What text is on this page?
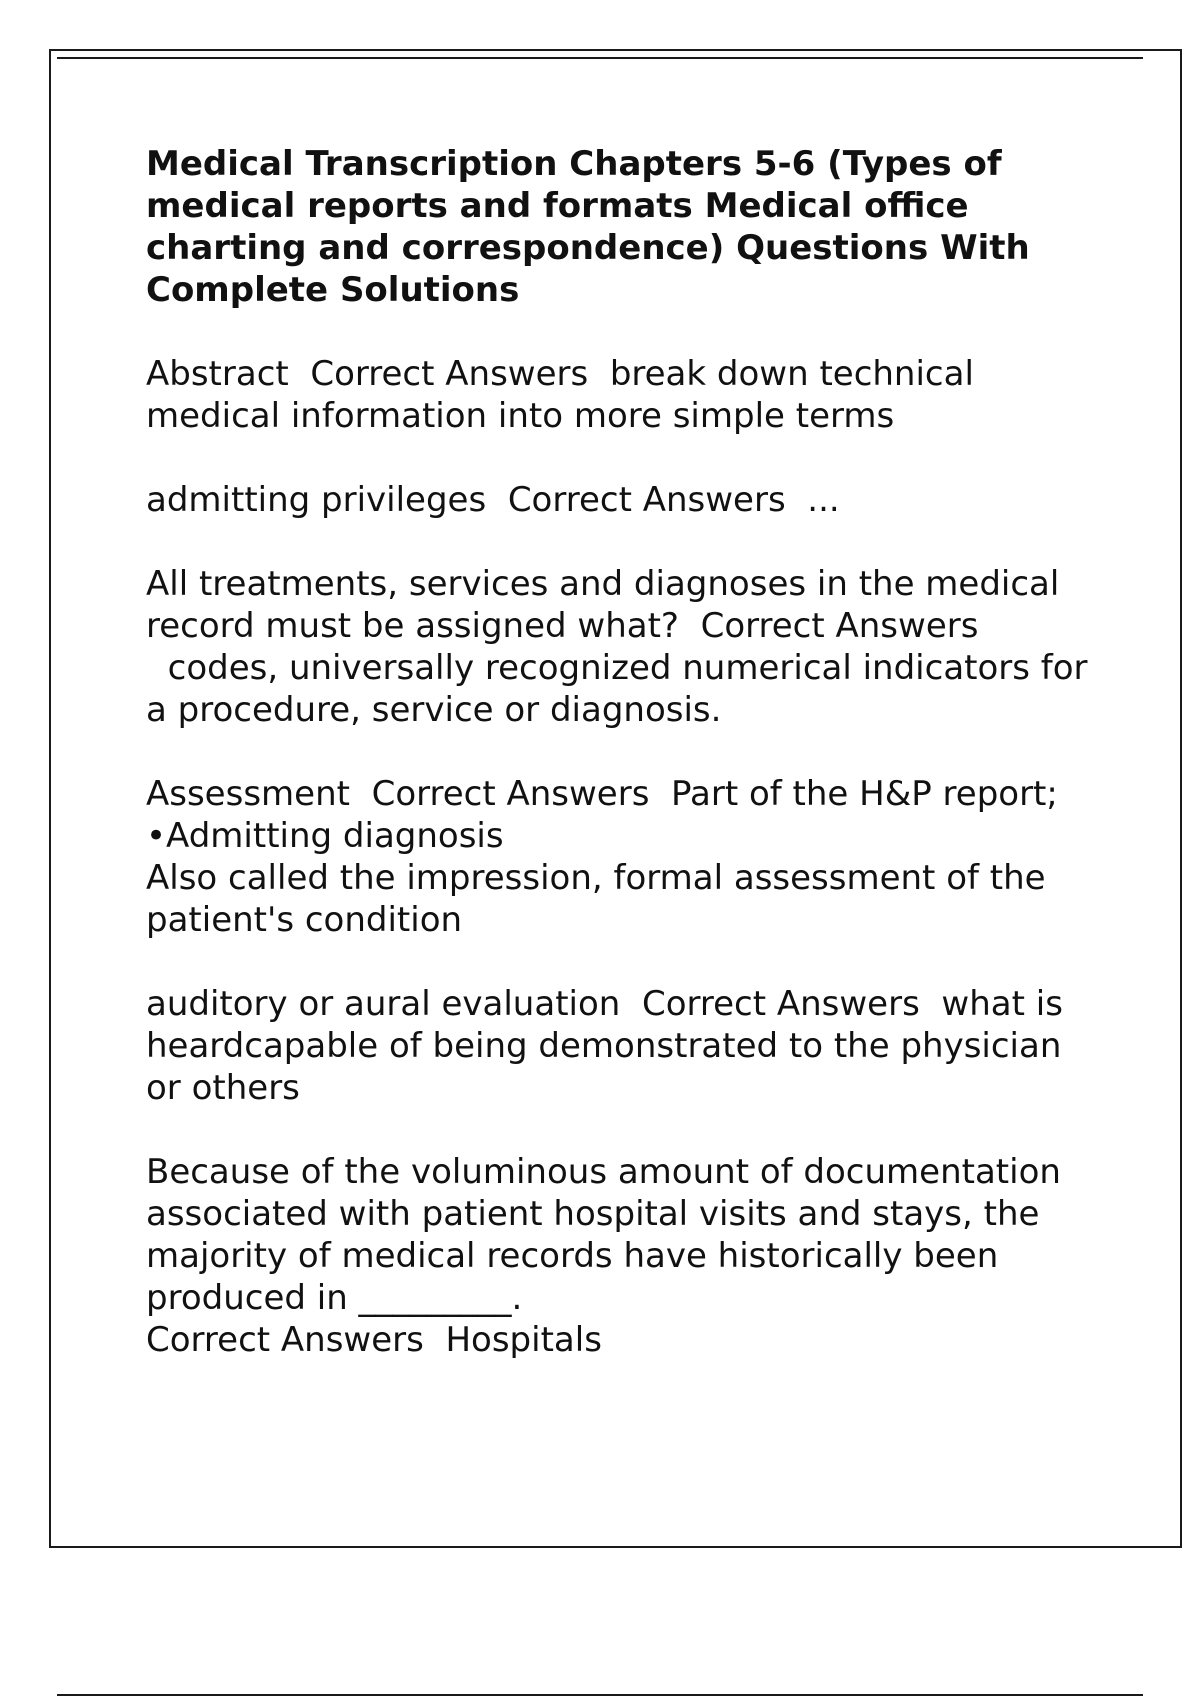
Medical Transcription Chapters 5-6 (Types of medical reports and formats Medical office charting and correspondence) Questions With Complete Solutions

Abstract Correct Answers break down technical medical information into more simple terms

admitting privileges Correct Answers ...

All treatments, services and diagnoses in the medical record must be assigned what? Correct Answers  codes, universally recognized numerical indicators for a procedure, service or diagnosis.

Assessment Correct Answers Part of the H&P report;
•Admitting diagnosis
Also called the impression, formal assessment of the patient's condition

auditory or aural evaluation Correct Answers what is heardcapable of being demonstrated to the physician or others

Because of the voluminous amount of documentation associated with patient hospital visits and stays, the majority of medical records have historically been produced in _________.
Correct Answers Hospitals
